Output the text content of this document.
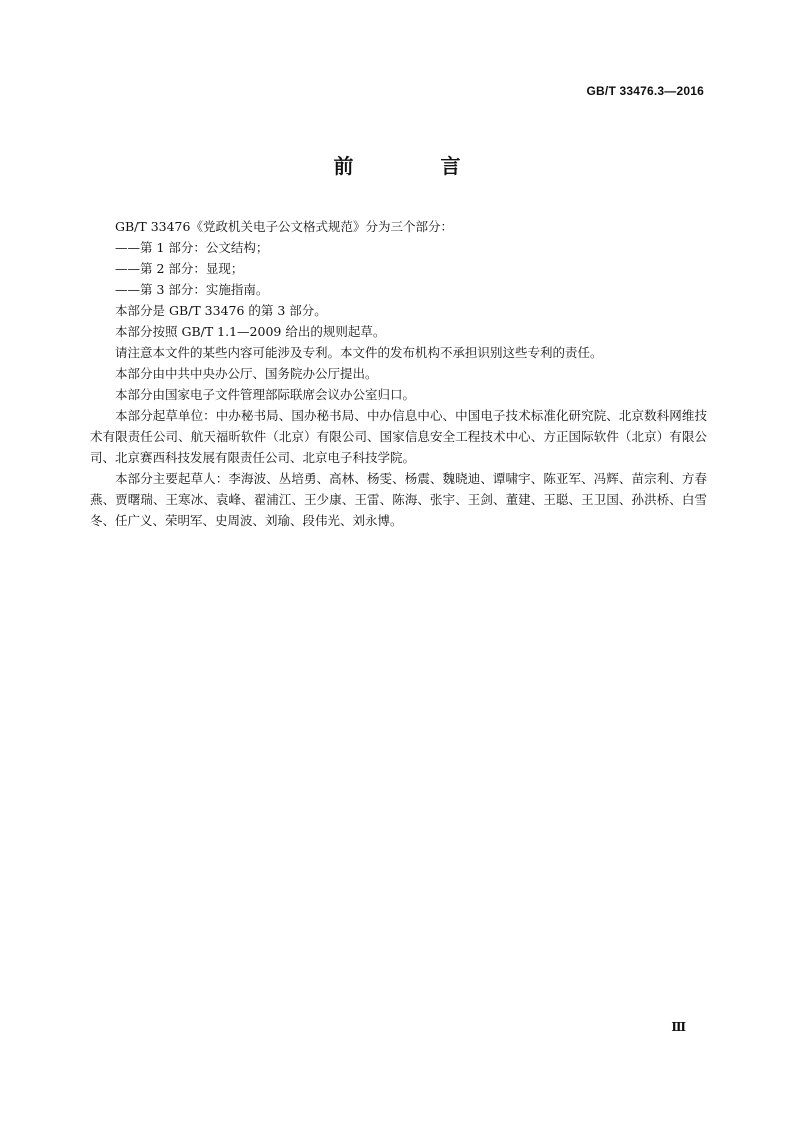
GB/T 33476.3—2016
前 言

GB/T 33476《党政机关电子公文格式规范》分为三个部分：

——第 1 部分：公文结构；

——第 2 部分：显现；

——第 3 部分：实施指南。

本部分是 GB/T 33476 的第 3 部分。

本部分按照 GB/T 1.1—2009 给出的规则起草。

请注意本文件的某些内容可能涉及专利。本文件的发布机构不承担识别这些专利的责任。

本部分由中共中央办公厅、国务院办公厅提出。

本部分由国家电子文件管理部际联席会议办公室归口。

本部分起草单位：中办秘书局、国办秘书局、中办信息中心、中国电子技术标准化研究院、北京数科网维技术有限责任公司、航天福昕软件（北京）有限公司、国家信息安全工程技术中心、方正国际软件（北京）有限公司、北京赛西科技发展有限责任公司、北京电子科技学院。

本部分主要起草人：李海波、丛培勇、高林、杨雯、杨震、魏晓迪、谭啸宇、陈亚军、冯辉、苗宗利、方春燕、贾曙瑞、王寒冰、袁峰、翟浦江、王少康、王雷、陈海、张宇、王剑、董建、王聪、王卫国、孙洪桥、白雪冬、任广义、荣明军、史周波、刘瑜、段伟光、刘永博。

Ⅲ
